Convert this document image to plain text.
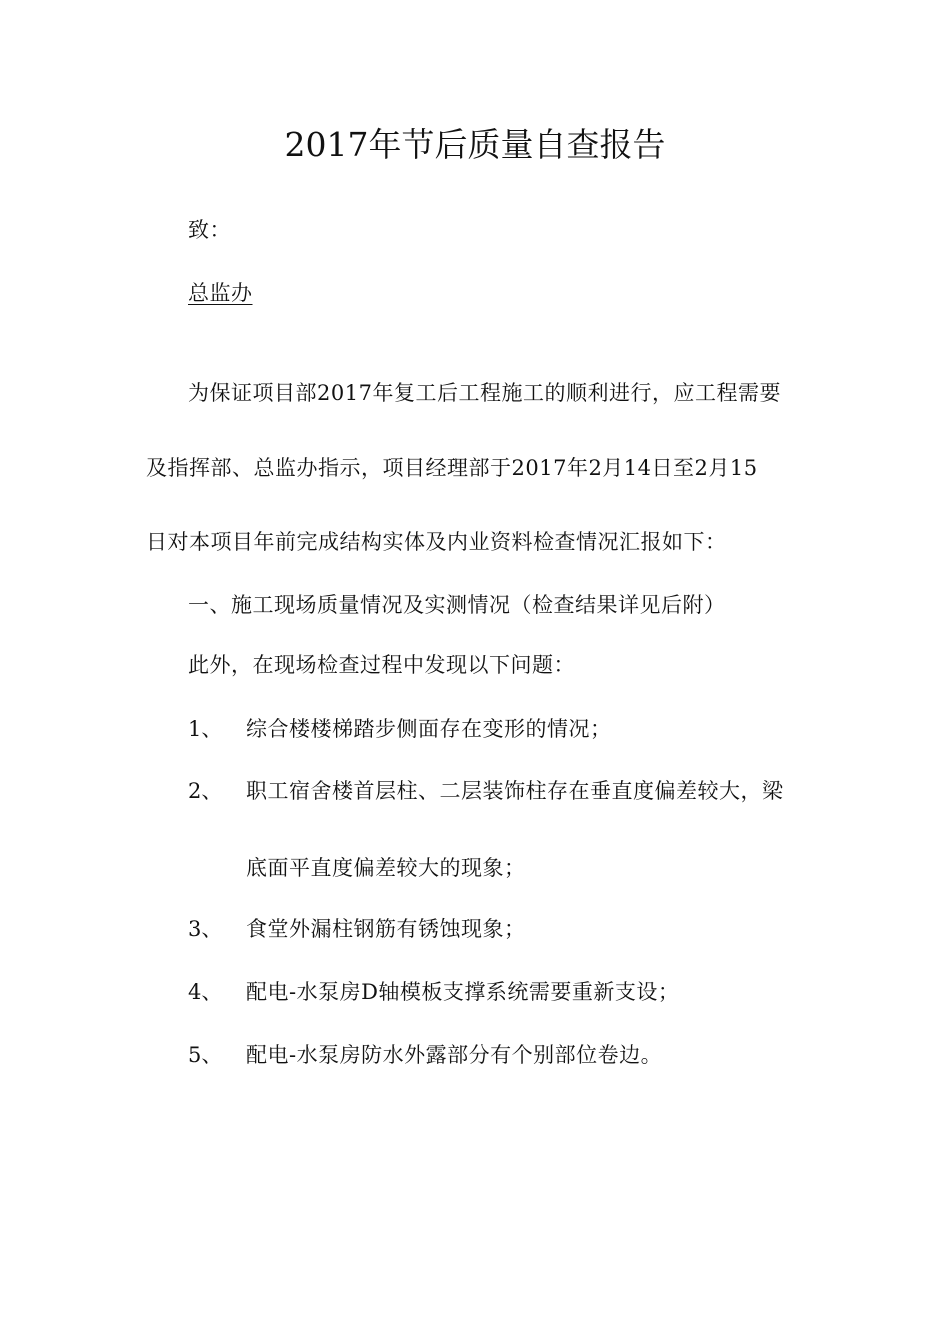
2017年节后质量自查报告
致：
总监办
为保证项目部2017年复工后工程施工的顺利进行，应工程需要
及指挥部、总监办指示，项目经理部于2017年2月14日至2月15
日对本项目年前完成结构实体及内业资料检查情况汇报如下：
一、施工现场质量情况及实测情况（检查结果详见后附）
此外，在现场检查过程中发现以下问题：
1、 综合楼楼梯踏步侧面存在变形的情况；
2、 职工宿舍楼首层柱、二层装饰柱存在垂直度偏差较大，梁
底面平直度偏差较大的现象；
3、 食堂外漏柱钢筋有锈蚀现象；
4、 配电-水泵房D轴模板支撑系统需要重新支设；
5、 配电-水泵房防水外露部分有个别部位卷边。
